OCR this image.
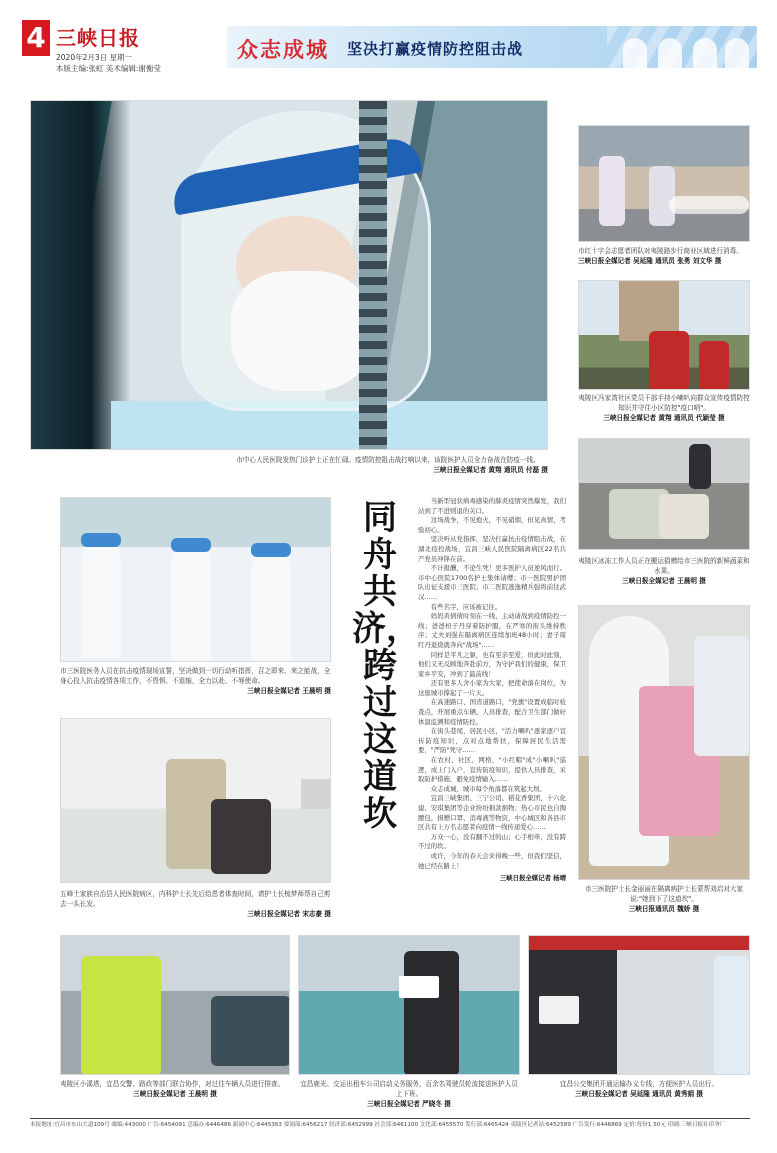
4 三峡日报
2020年2月3日 星期一
本版主编:张虹 美术编辑:谢衡莹
众志成城 坚决打赢疫情防控阻击战
市中心人民医院发热门诊护士正在忙碌。疫情防控阻击战打响以来，该院医护人员全力奋战在防疫一线。
三峡日报全媒记者 黄翔 通讯员 付磊 摄
市红十字会志愿者团队对夷陵路步行商业区域进行消毒。
三峡日报全媒记者 吴延隆 通讯员 张勇 刘文华 摄
夷陵区冯家湾社区党员干部手持小喇叭向群众宣传疫情防控知识并守住小区防控"疫口哨"。
三峡日报全媒记者 黄翔 通讯员 代颖莹 摄
夷陵区冰冻工作人员正在搬运捐赠给市三医院的新鲜蔬菜和水果。
三峡日报全媒记者 王晨明 摄
市三医院护士长金丽丽在隔离病护士长蒙帮刘启对大家说:"她到下了这道坎"。
三峡日报通讯员 魏娇 摄
市三医院医务人员在抗击疫情现场宣誓，坚决做到一切行动听指挥，召之即来、来之能战，全身心投入抗击疫情各项工作，不畏惧、不退缩，全力以赴、不辱使命。
三峡日报全媒记者 王晨明 摄
五峰土家族自治县人民医院病区，内科护士长先后给患者体查时间，请护士长梳梦师帮自己剪去一头长发。
三峡日报全媒记者 宋志豪 摄
同舟共济，跨过这道坎

当新型冠状病毒感染的肺炎疫情突然爆发，我们站到了不进则退的关口。

这场战争，不见炮火，不见硝烟，但见真情、考验初心。

坚决听从党指挥，坚决打赢抗击疫情阻击战，在湖北疫控战场，宜昌三峡人民医院隔离病区22名共产党员冲锋在前。

不计报酬，不论生死！更多医护人员逆风而行。市中心医院1700名护士集体请缨；市一医院男护团队出征支援市三医院；市二医院逃逸精兵强将前往武汉……

有些名字，应该被记住。

妈妈黄倩倩时刻在一线，主动请战到疫情防控一线；爸爸柏子丹穿着防护服，在严寒的街头维持秩序；丈夫刘强在隔离病区连续加班48小时；妻子周红丹退烧就奔向"战场"……

同样是平凡之躯，也有至亲至爱，但此时此刻，他们义无反顾地奔赴前方，为守护我们的健康，保卫家乡平安，冲到了最前线！

还有更多人舍小家为大家，把使命落在岗位，为这座城市撑起了一片天。

在高速路口、国省道路口，"党旗"设置成临时检查点，开展重点车辆、人员排查，配合卫生部门做好体温监测和疫情防控。

在街头巷尾、居民小区，"活力喇叭"逐家逐户宣传防疫知识，点对点地帮扶，保障居民生活需要，"严防"死守……

在农村、社区、网格，"小红帽"成"小喇叭"巡逻，成上门入户，宣传防疫知识，提供人员排查，采取防护措施，避免疫情输入……

众志成城，城市每个角落都在筑起大坝。

宜昌三峡集团、三宁公司、稻花香集团、十六化建、安琪集团等企业纷纷捐款捐物；热心市民也自掏腰包，捐赠口罩、消毒液等物资，中心城区和各县市区共有上万名志愿者向疫情一线传递爱心……

万众一心，没有翻不过的山；心手相牵，没有跨不过的坎。

或许，今年的春天会来得晚一些，但我们坚信，她已经在路上！

三峡日报全媒记者 杨靖

夷陵区小溪塔，宜昌交警、路政等部门联合协作，对过往车辆人员进行排查。
三峡日报全媒记者 王晨明 摄
宜昌鹿光、交运出租车公司启动义务服务，百余名驾驶员轮流接送医护人员上下班。
三峡日报全媒记者 严晓冬 摄
宜昌公交集团开通运输办义专线，方便医护人员出行。
三峡日报全媒记者 吴延隆 通讯员 黄秀娟 摄
本报地址:宜昌市东山大道109号 邮编:443000 广告:6454091 总编办:6446486 新闻中心:6445363 要闻部:6456217 经济部:6452999 社会部:6461100 文化部:6455570 发行部:6465424 夷陵区记者站:6452589 广告发行:6446869 定价:每份1.50元 印刷:三峡日报社印务厂
